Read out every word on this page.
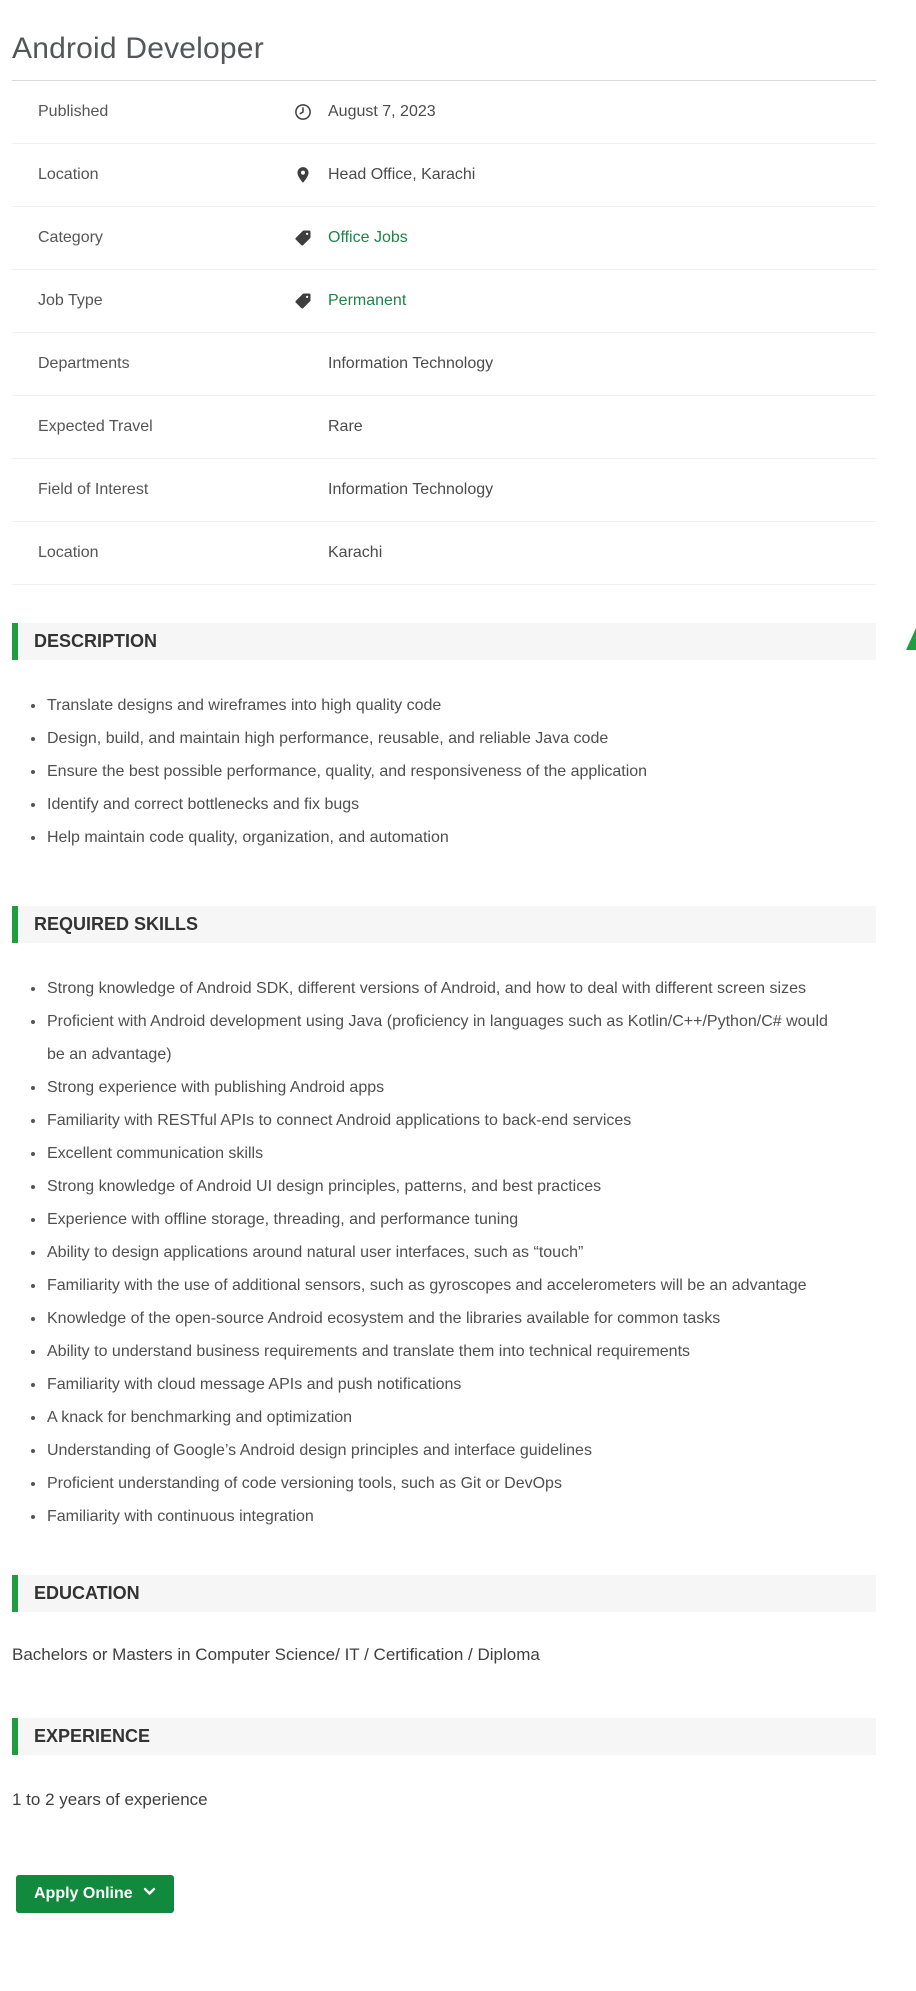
Android Developer
Published	August 7, 2023
Location	Head Office, Karachi
Category	Office Jobs
Job Type	Permanent
Departments	Information Technology
Expected Travel	Rare
Field of Interest	Information Technology
Location	Karachi
DESCRIPTION
Translate designs and wireframes into high quality code
Design, build, and maintain high performance, reusable, and reliable Java code
Ensure the best possible performance, quality, and responsiveness of the application
Identify and correct bottlenecks and fix bugs
Help maintain code quality, organization, and automation
REQUIRED SKILLS
Strong knowledge of Android SDK, different versions of Android, and how to deal with different screen sizes
Proficient with Android development using Java (proficiency in languages such as Kotlin/C++/Python/C# would be an advantage)
Strong experience with publishing Android apps
Familiarity with RESTful APIs to connect Android applications to back-end services
Excellent communication skills
Strong knowledge of Android UI design principles, patterns, and best practices
Experience with offline storage, threading, and performance tuning
Ability to design applications around natural user interfaces, such as “touch”
Familiarity with the use of additional sensors, such as gyroscopes and accelerometers will be an advantage
Knowledge of the open-source Android ecosystem and the libraries available for common tasks
Ability to understand business requirements and translate them into technical requirements
Familiarity with cloud message APIs and push notifications
A knack for benchmarking and optimization
Understanding of Google’s Android design principles and interface guidelines
Proficient understanding of code versioning tools, such as Git or DevOps
Familiarity with continuous integration
EDUCATION

Bachelors or Masters in Computer Science/ IT / Certification / Diploma

EXPERIENCE

1 to 2 years of experience

Apply Online
